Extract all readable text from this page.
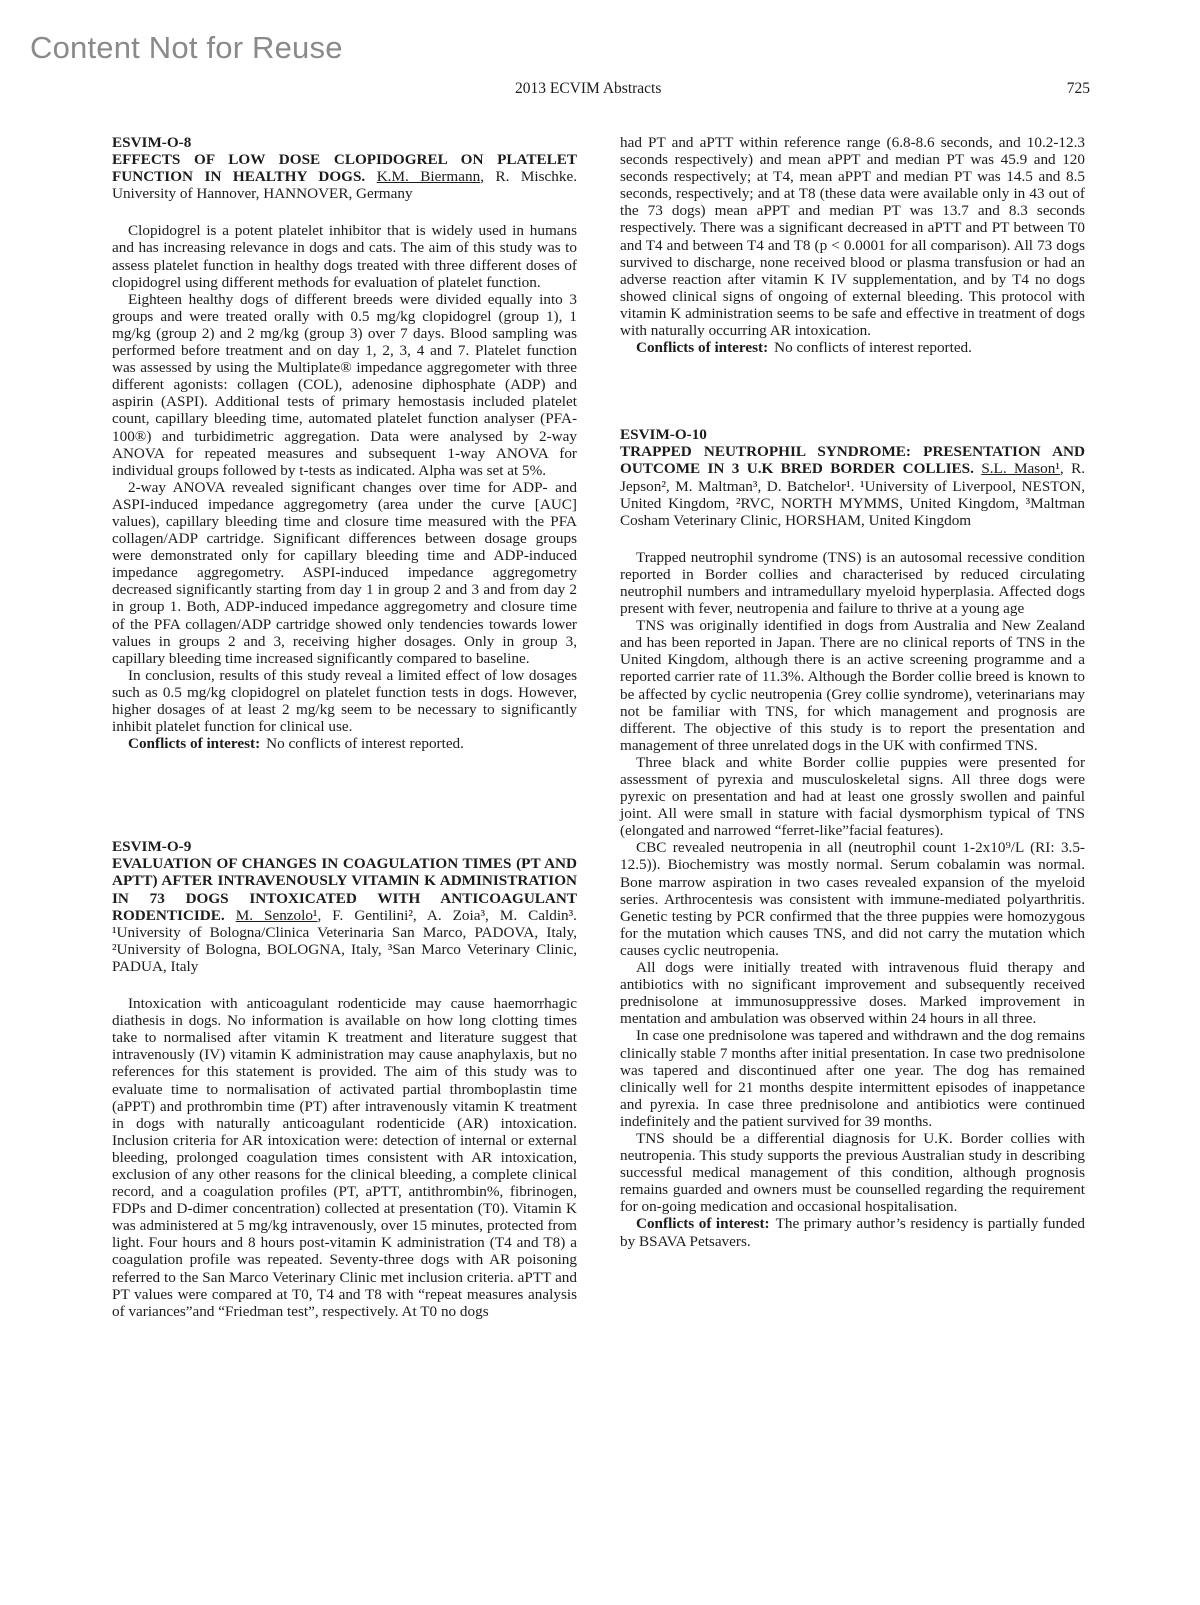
Content Not for Reuse
2013 ECVIM Abstracts	725

ESVIM-O-8

EFFECTS OF LOW DOSE CLOPIDOGREL ON PLATELET FUNCTION IN HEALTHY DOGS. K.M. Biermann, R. Mischke. University of Hannover, HANNOVER, Germany

Clopidogrel is a potent platelet inhibitor that is widely used in humans and has increasing relevance in dogs and cats. The aim of this study was to assess platelet function in healthy dogs treated with three different doses of clopidogrel using different methods for evaluation of platelet function.

Eighteen healthy dogs of different breeds were divided equally into 3 groups and were treated orally with 0.5 mg/kg clopidogrel (group 1), 1 mg/kg (group 2) and 2 mg/kg (group 3) over 7 days. Blood sampling was performed before treatment and on day 1, 2, 3, 4 and 7. Platelet function was assessed by using the Multiplate® impedance aggregometer with three different agonists: collagen (COL), adenosine diphosphate (ADP) and aspirin (ASPI). Additional tests of primary hemostasis included platelet count, capillary bleeding time, automated platelet function analyser (PFA-100®) and turbidimetric aggregation. Data were analysed by 2-way ANOVA for repeated measures and subsequent 1-way ANOVA for individual groups followed by t-tests as indicated. Alpha was set at 5%.

2-way ANOVA revealed significant changes over time for ADP- and ASPI-induced impedance aggregometry (area under the curve [AUC] values), capillary bleeding time and closure time measured with the PFA collagen/ADP cartridge. Significant differences between dosage groups were demonstrated only for capillary bleeding time and ADP-induced impedance aggregometry. ASPI-induced impedance aggregometry decreased significantly starting from day 1 in group 2 and 3 and from day 2 in group 1. Both, ADP-induced impedance aggregometry and closure time of the PFA collagen/ADP cartridge showed only tendencies towards lower values in groups 2 and 3, receiving higher dosages. Only in group 3, capillary bleeding time increased significantly compared to baseline.

In conclusion, results of this study reveal a limited effect of low dosages such as 0.5 mg/kg clopidogrel on platelet function tests in dogs. However, higher dosages of at least 2 mg/kg seem to be necessary to significantly inhibit platelet function for clinical use.

Conflicts of interest: No conflicts of interest reported.

ESVIM-O-9

EVALUATION OF CHANGES IN COAGULATION TIMES (PT AND APTT) AFTER INTRAVENOUSLY VITAMIN K ADMINISTRATION IN 73 DOGS INTOXICATED WITH ANTICOAGULANT RODENTICIDE. M. Senzolo¹, F. Gentilini², A. Zoia³, M. Caldin³. ¹University of Bologna/Clinica Veterinaria San Marco, PADOVA, Italy, ²University of Bologna, BOLOGNA, Italy, ³San Marco Veterinary Clinic, PADUA, Italy

Intoxication with anticoagulant rodenticide may cause haemorrhagic diathesis in dogs. No information is available on how long clotting times take to normalised after vitamin K treatment and literature suggest that intravenously (IV) vitamin K administration may cause anaphylaxis, but no references for this statement is provided. The aim of this study was to evaluate time to normalisation of activated partial thromboplastin time (aPPT) and prothrombin time (PT) after intravenously vitamin K treatment in dogs with naturally anticoagulant rodenticide (AR) intoxication. Inclusion criteria for AR intoxication were: detection of internal or external bleeding, prolonged coagulation times consistent with AR intoxication, exclusion of any other reasons for the clinical bleeding, a complete clinical record, and a coagulation profiles (PT, aPTT, antithrombin%, fibrinogen, FDPs and D-dimer concentration) collected at presentation (T0). Vitamin K was administered at 5 mg/kg intravenously, over 15 minutes, protected from light. Four hours and 8 hours post-vitamin K administration (T4 and T8) a coagulation profile was repeated. Seventy-three dogs with AR poisoning referred to the San Marco Veterinary Clinic met inclusion criteria. aPTT and PT values were compared at T0, T4 and T8 with “repeat measures analysis of variances”and “Friedman test”, respectively. At T0 no dogs

had PT and aPTT within reference range (6.8-8.6 seconds, and 10.2-12.3 seconds respectively) and mean aPPT and median PT was 45.9 and 120 seconds respectively; at T4, mean aPPT and median PT was 14.5 and 8.5 seconds, respectively; and at T8 (these data were available only in 43 out of the 73 dogs) mean aPPT and median PT was 13.7 and 8.3 seconds respectively. There was a significant decreased in aPTT and PT between T0 and T4 and between T4 and T8 (p < 0.0001 for all comparison). All 73 dogs survived to discharge, none received blood or plasma transfusion or had an adverse reaction after vitamin K IV supplementation, and by T4 no dogs showed clinical signs of ongoing of external bleeding. This protocol with vitamin K administration seems to be safe and effective in treatment of dogs with naturally occurring AR intoxication.

Conflicts of interest: No conflicts of interest reported.

ESVIM-O-10

TRAPPED NEUTROPHIL SYNDROME: PRESENTATION AND OUTCOME IN 3 U.K BRED BORDER COLLIES. S.L. Mason¹, R. Jepson², M. Maltman³, D. Batchelor¹. ¹University of Liverpool, NESTON, United Kingdom, ²RVC, NORTH MYMMS, United Kingdom, ³Maltman Cosham Veterinary Clinic, HORSHAM, United Kingdom

Trapped neutrophil syndrome (TNS) is an autosomal recessive condition reported in Border collies and characterised by reduced circulating neutrophil numbers and intramedullary myeloid hyperplasia. Affected dogs present with fever, neutropenia and failure to thrive at a young age

TNS was originally identified in dogs from Australia and New Zealand and has been reported in Japan. There are no clinical reports of TNS in the United Kingdom, although there is an active screening programme and a reported carrier rate of 11.3%. Although the Border collie breed is known to be affected by cyclic neutropenia (Grey collie syndrome), veterinarians may not be familiar with TNS, for which management and prognosis are different. The objective of this study is to report the presentation and management of three unrelated dogs in the UK with confirmed TNS.

Three black and white Border collie puppies were presented for assessment of pyrexia and musculoskeletal signs. All three dogs were pyrexic on presentation and had at least one grossly swollen and painful joint. All were small in stature with facial dysmorphism typical of TNS (elongated and narrowed “ferret-like”facial features).

CBC revealed neutropenia in all (neutrophil count 1-2x10⁹/L (RI: 3.5-12.5)). Biochemistry was mostly normal. Serum cobalamin was normal. Bone marrow aspiration in two cases revealed expansion of the myeloid series. Arthrocentesis was consistent with immune-mediated polyarthritis. Genetic testing by PCR confirmed that the three puppies were homozygous for the mutation which causes TNS, and did not carry the mutation which causes cyclic neutropenia.

All dogs were initially treated with intravenous fluid therapy and antibiotics with no significant improvement and subsequently received prednisolone at immunosuppressive doses. Marked improvement in mentation and ambulation was observed within 24 hours in all three.

In case one prednisolone was tapered and withdrawn and the dog remains clinically stable 7 months after initial presentation. In case two prednisolone was tapered and discontinued after one year. The dog has remained clinically well for 21 months despite intermittent episodes of inappetance and pyrexia. In case three prednisolone and antibiotics were continued indefinitely and the patient survived for 39 months.

TNS should be a differential diagnosis for U.K. Border collies with neutropenia. This study supports the previous Australian study in describing successful medical management of this condition, although prognosis remains guarded and owners must be counselled regarding the requirement for on-going medication and occasional hospitalisation.

Conflicts of interest: The primary author’s residency is partially funded by BSAVA Petsavers.
